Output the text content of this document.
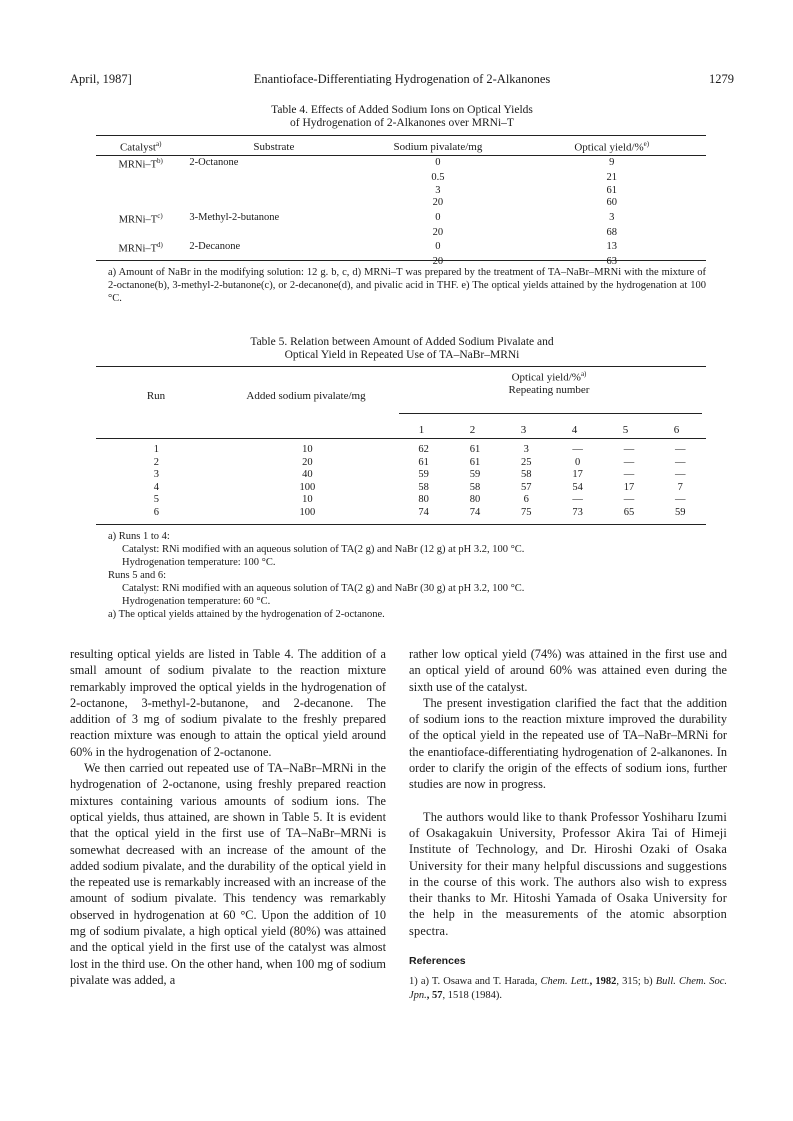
April, 1987]	Enantioface-Differentiating Hydrogenation of 2-Alkanones	1279
Table 4. Effects of Added Sodium Ions on Optical Yields
of Hydrogenation of 2-Alkanones over MRNi–T
Catalyst$^{a)}$	Substrate	Sodium pivalate/mg	Optical yield/%$^{e)}$
MRNi–$T^{b)}$	2-Octanone	0	9
		0.5	21
		3	61
		20	60
MRNi–$T^{c)}$	3-Methyl-2-butanone	0	3
		20	68
MRNi–$T^{d)}$	2-Decanone	0	13
		20	63
a) Amount of NaBr in the modifying solution: 12 g. b, c, d) MRNi–T was prepared by the treatment of TA–NaBr–MRNi with the mixture of 2-octanone(b), 3-methyl-2-butanone(c), or 2-decanone(d), and pivalic acid in THF. e) The optical yields attained by the hydrogenation at 100 °C.
Table 5. Relation between Amount of Added Sodium Pivalate and
Optical Yield in Repeated Use of TA–NaBr–MRNi
Run	Added sodium pivalate/mg
Optical yield/%$^{a)}$
Repeating number
1	2	3	4	5	6
1	10	62	61	3	—	—	—
2	20	61	61	25	0	—	—
3	40	59	59	58	17	—	—
4	100	58	58	57	54	17	7
5	10	80	80	6	—	—	—
6	100	74	74	75	73	65	59
a) Runs 1 to 4:
Catalyst: RNi modified with an aqueous solution of TA(2 g) and NaBr (12 g) at pH 3.2, 100 °C.
Hydrogenation temperature: 100 °C.
Runs 5 and 6:
Catalyst: RNi modified with an aqueous solution of TA(2 g) and NaBr (30 g) at pH 3.2, 100 °C.
Hydrogenation temperature: 60 °C.
a) The optical yields attained by the hydrogenation of 2-octanone.

resulting optical yields are listed in Table 4. The addition of a small amount of sodium pivalate to the reaction mixture remarkably improved the optical yields in the hydrogenation of 2-octanone, 3-methyl-2-butanone, and 2-decanone. The addition of 3 mg of sodium pivalate to the freshly prepared reaction mixture was enough to attain the optical yield around 60% in the hydrogenation of 2-octanone.

We then carried out repeated use of TA–NaBr–MRNi in the hydrogenation of 2-octanone, using freshly prepared reaction mixtures containing various amounts of sodium ions. The optical yields, thus attained, are shown in Table 5. It is evident that the optical yield in the first use of TA–NaBr–MRNi is somewhat decreased with an increase of the amount of the added sodium pivalate, and the durability of the optical yield in the repeated use is remarkably increased with an increase of the amount of sodium pivalate. This tendency was remarkably observed in hydrogenation at 60 °C. Upon the addition of 10 mg of sodium pivalate, a high optical yield (80%) was attained and the optical yield in the first use of the catalyst was almost lost in the third use. On the other hand, when 100 mg of sodium pivalate was added, a

rather low optical yield (74%) was attained in the first use and an optical yield of around 60% was attained even during the sixth use of the catalyst.

The present investigation clarified the fact that the addition of sodium ions to the reaction mixture improved the durability of the optical yield in the repeated use of TA–NaBr–MRNi for the enantioface-differentiating hydrogenation of 2-alkanones. In order to clarify the origin of the effects of sodium ions, further studies are now in progress.

The authors would like to thank Professor Yoshiharu Izumi of Osakagakuin University, Professor Akira Tai of Himeji Institute of Technology, and Dr. Hiroshi Ozaki of Osaka University for their many helpful discussions and suggestions in the course of this work. The authors also wish to express their thanks to Mr. Hitoshi Yamada of Osaka University for the help in the measurements of the atomic absorption spectra.

References
1) a) T. Osawa and T. Harada, Chem. Lett., 1982, 315; b) Bull. Chem. Soc. Jpn., 57, 1518 (1984).
